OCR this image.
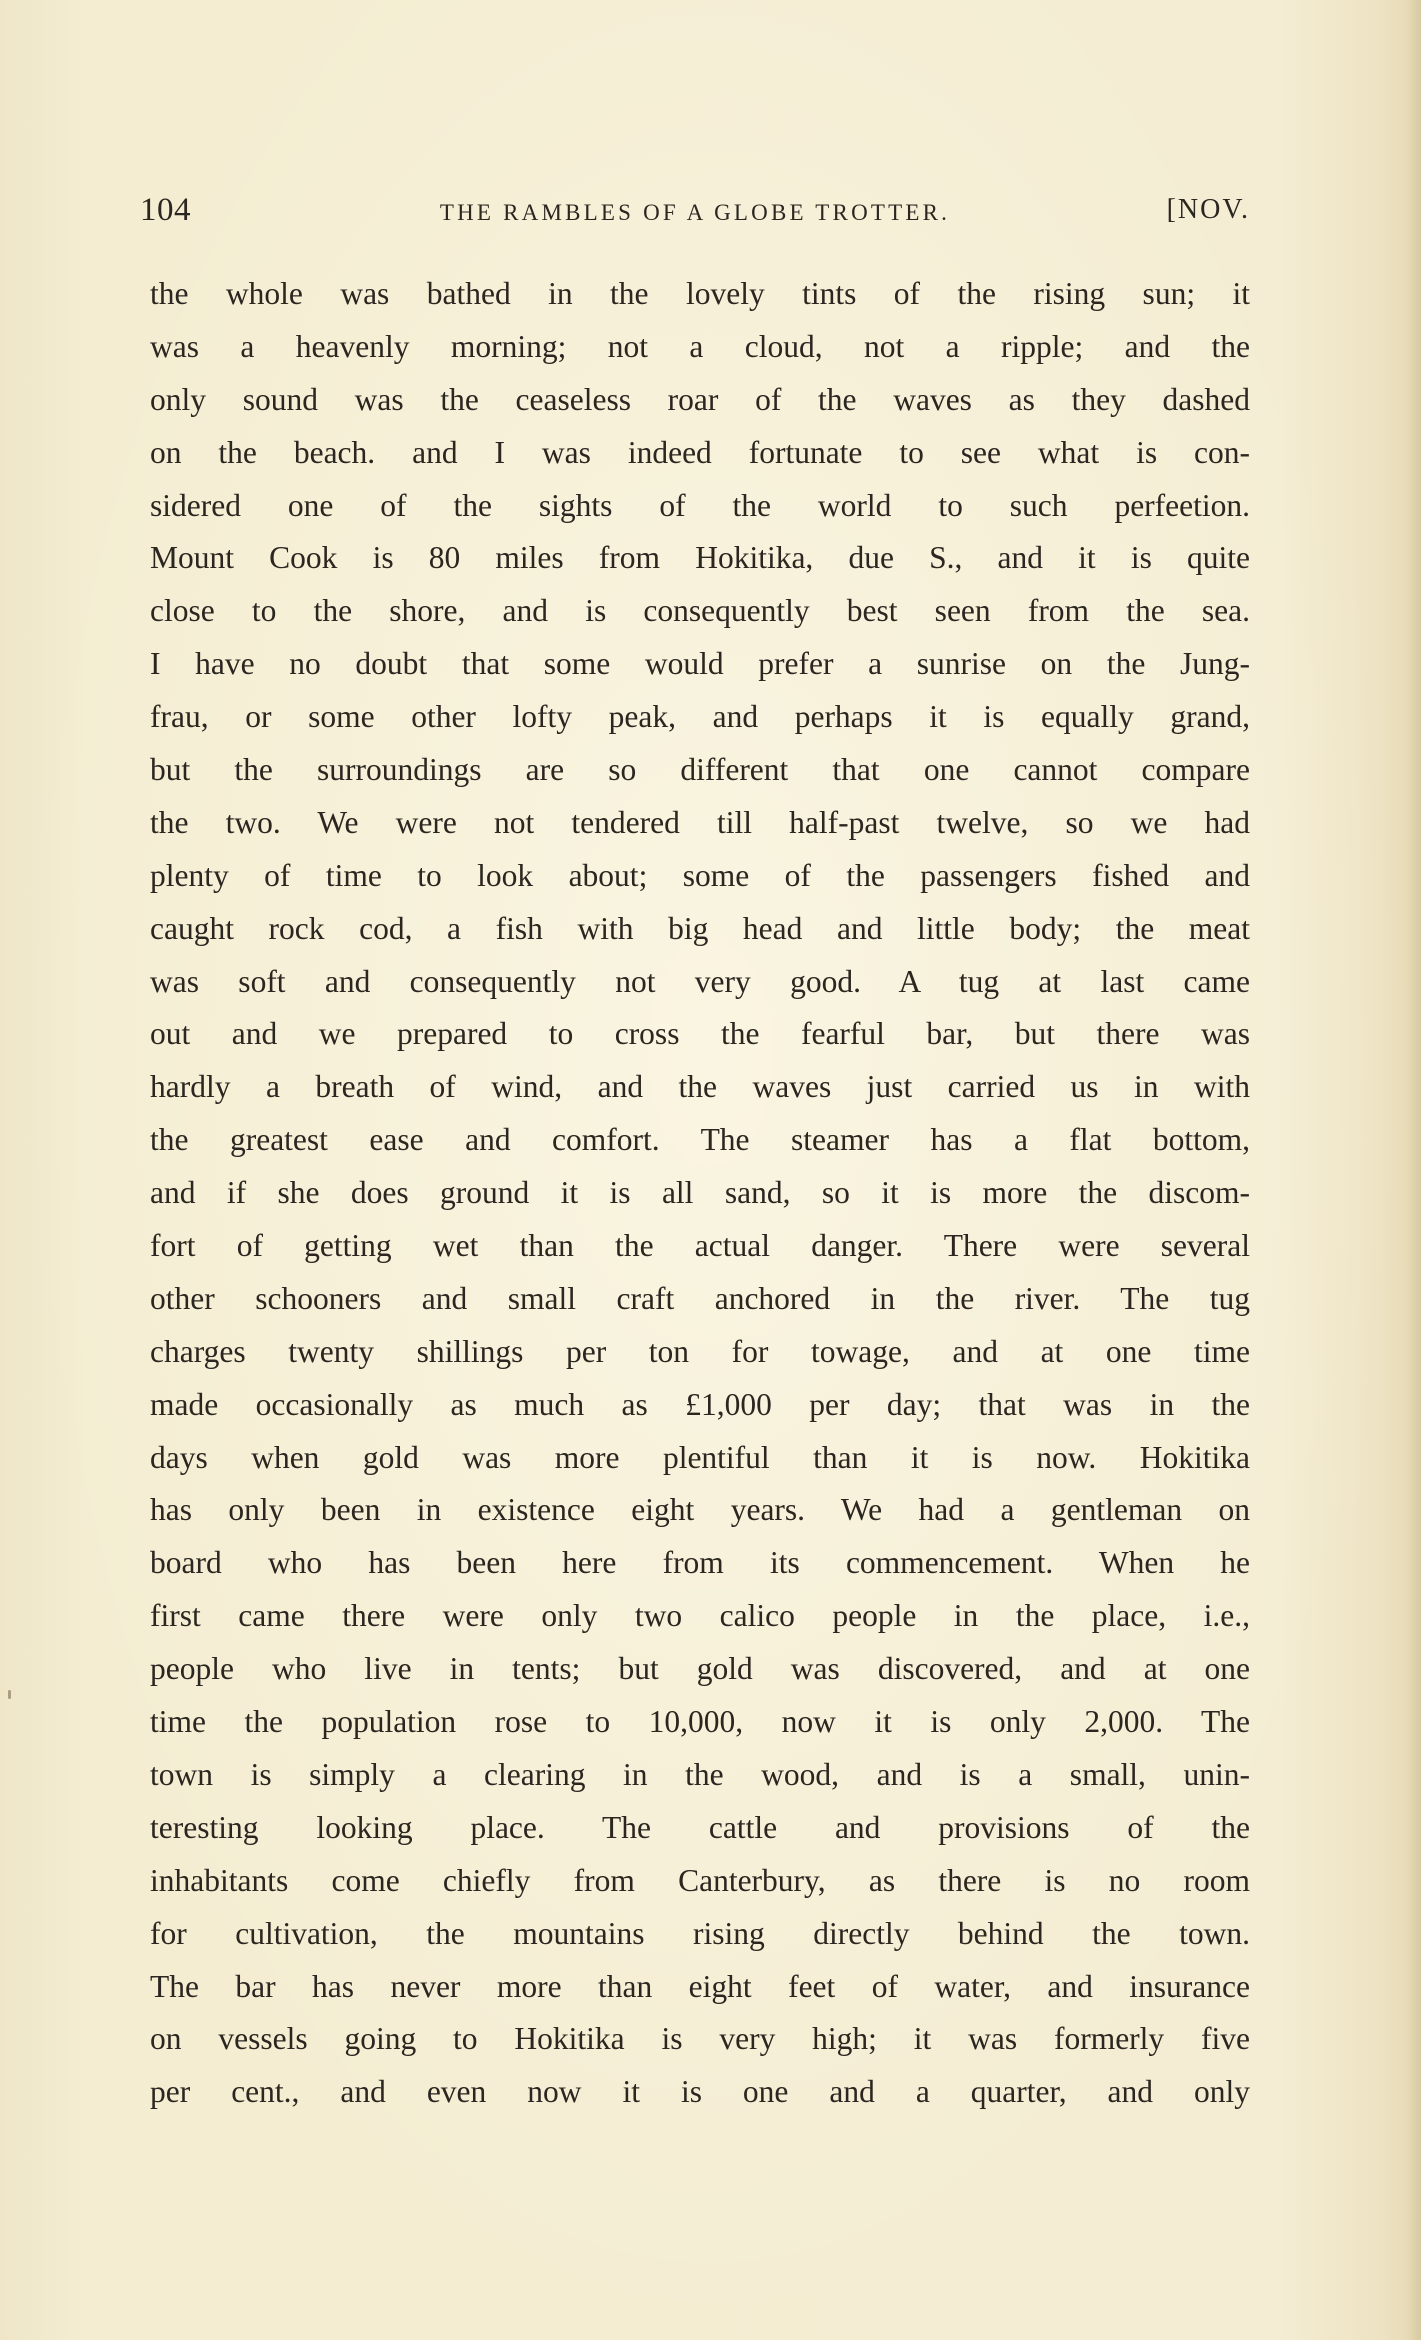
104	THE RAMBLES OF A GLOBE TROTTER.	[NOV.
the whole was bathed in the lovely tints of the rising sun; it
was a heavenly morning; not a cloud, not a ripple; and the
only sound was the ceaseless roar of the waves as they dashed
on the beach. and I was indeed fortunate to see what is con-
sidered one of the sights of the world to such perfeetion.
Mount Cook is 80 miles from Hokitika, due S., and it is quite
close to the shore, and is consequently best seen from the sea.
I have no doubt that some would prefer a sunrise on the Jung-
frau, or some other lofty peak, and perhaps it is equally grand,
but the surroundings are so different that one cannot compare
the two. We were not tendered till half-past twelve, so we had
plenty of time to look about; some of the passengers fished and
caught rock cod, a fish with big head and little body; the meat
was soft and consequently not very good. A tug at last came
out and we prepared to cross the fearful bar, but there was
hardly a breath of wind, and the waves just carried us in with
the greatest ease and comfort. The steamer has a flat bottom,
and if she does ground it is all sand, so it is more the discom-
fort of getting wet than the actual danger. There were several
other schooners and small craft anchored in the river. The tug
charges twenty shillings per ton for towage, and at one time
made occasionally as much as £1,000 per day; that was in the
days when gold was more plentiful than it is now. Hokitika
has only been in existence eight years. We had a gentleman on
board who has been here from its commencement. When he
first came there were only two calico people in the place, i.e.,
people who live in tents; but gold was discovered, and at one
time the population rose to 10,000, now it is only 2,000. The
town is simply a clearing in the wood, and is a small, unin-
teresting looking place. The cattle and provisions of the
inhabitants come chiefly from Canterbury, as there is no room
for cultivation, the mountains rising directly behind the town.
The bar has never more than eight feet of water, and insurance
on vessels going to Hokitika is very high; it was formerly five
per cent., and even now it is one and a quarter, and only
